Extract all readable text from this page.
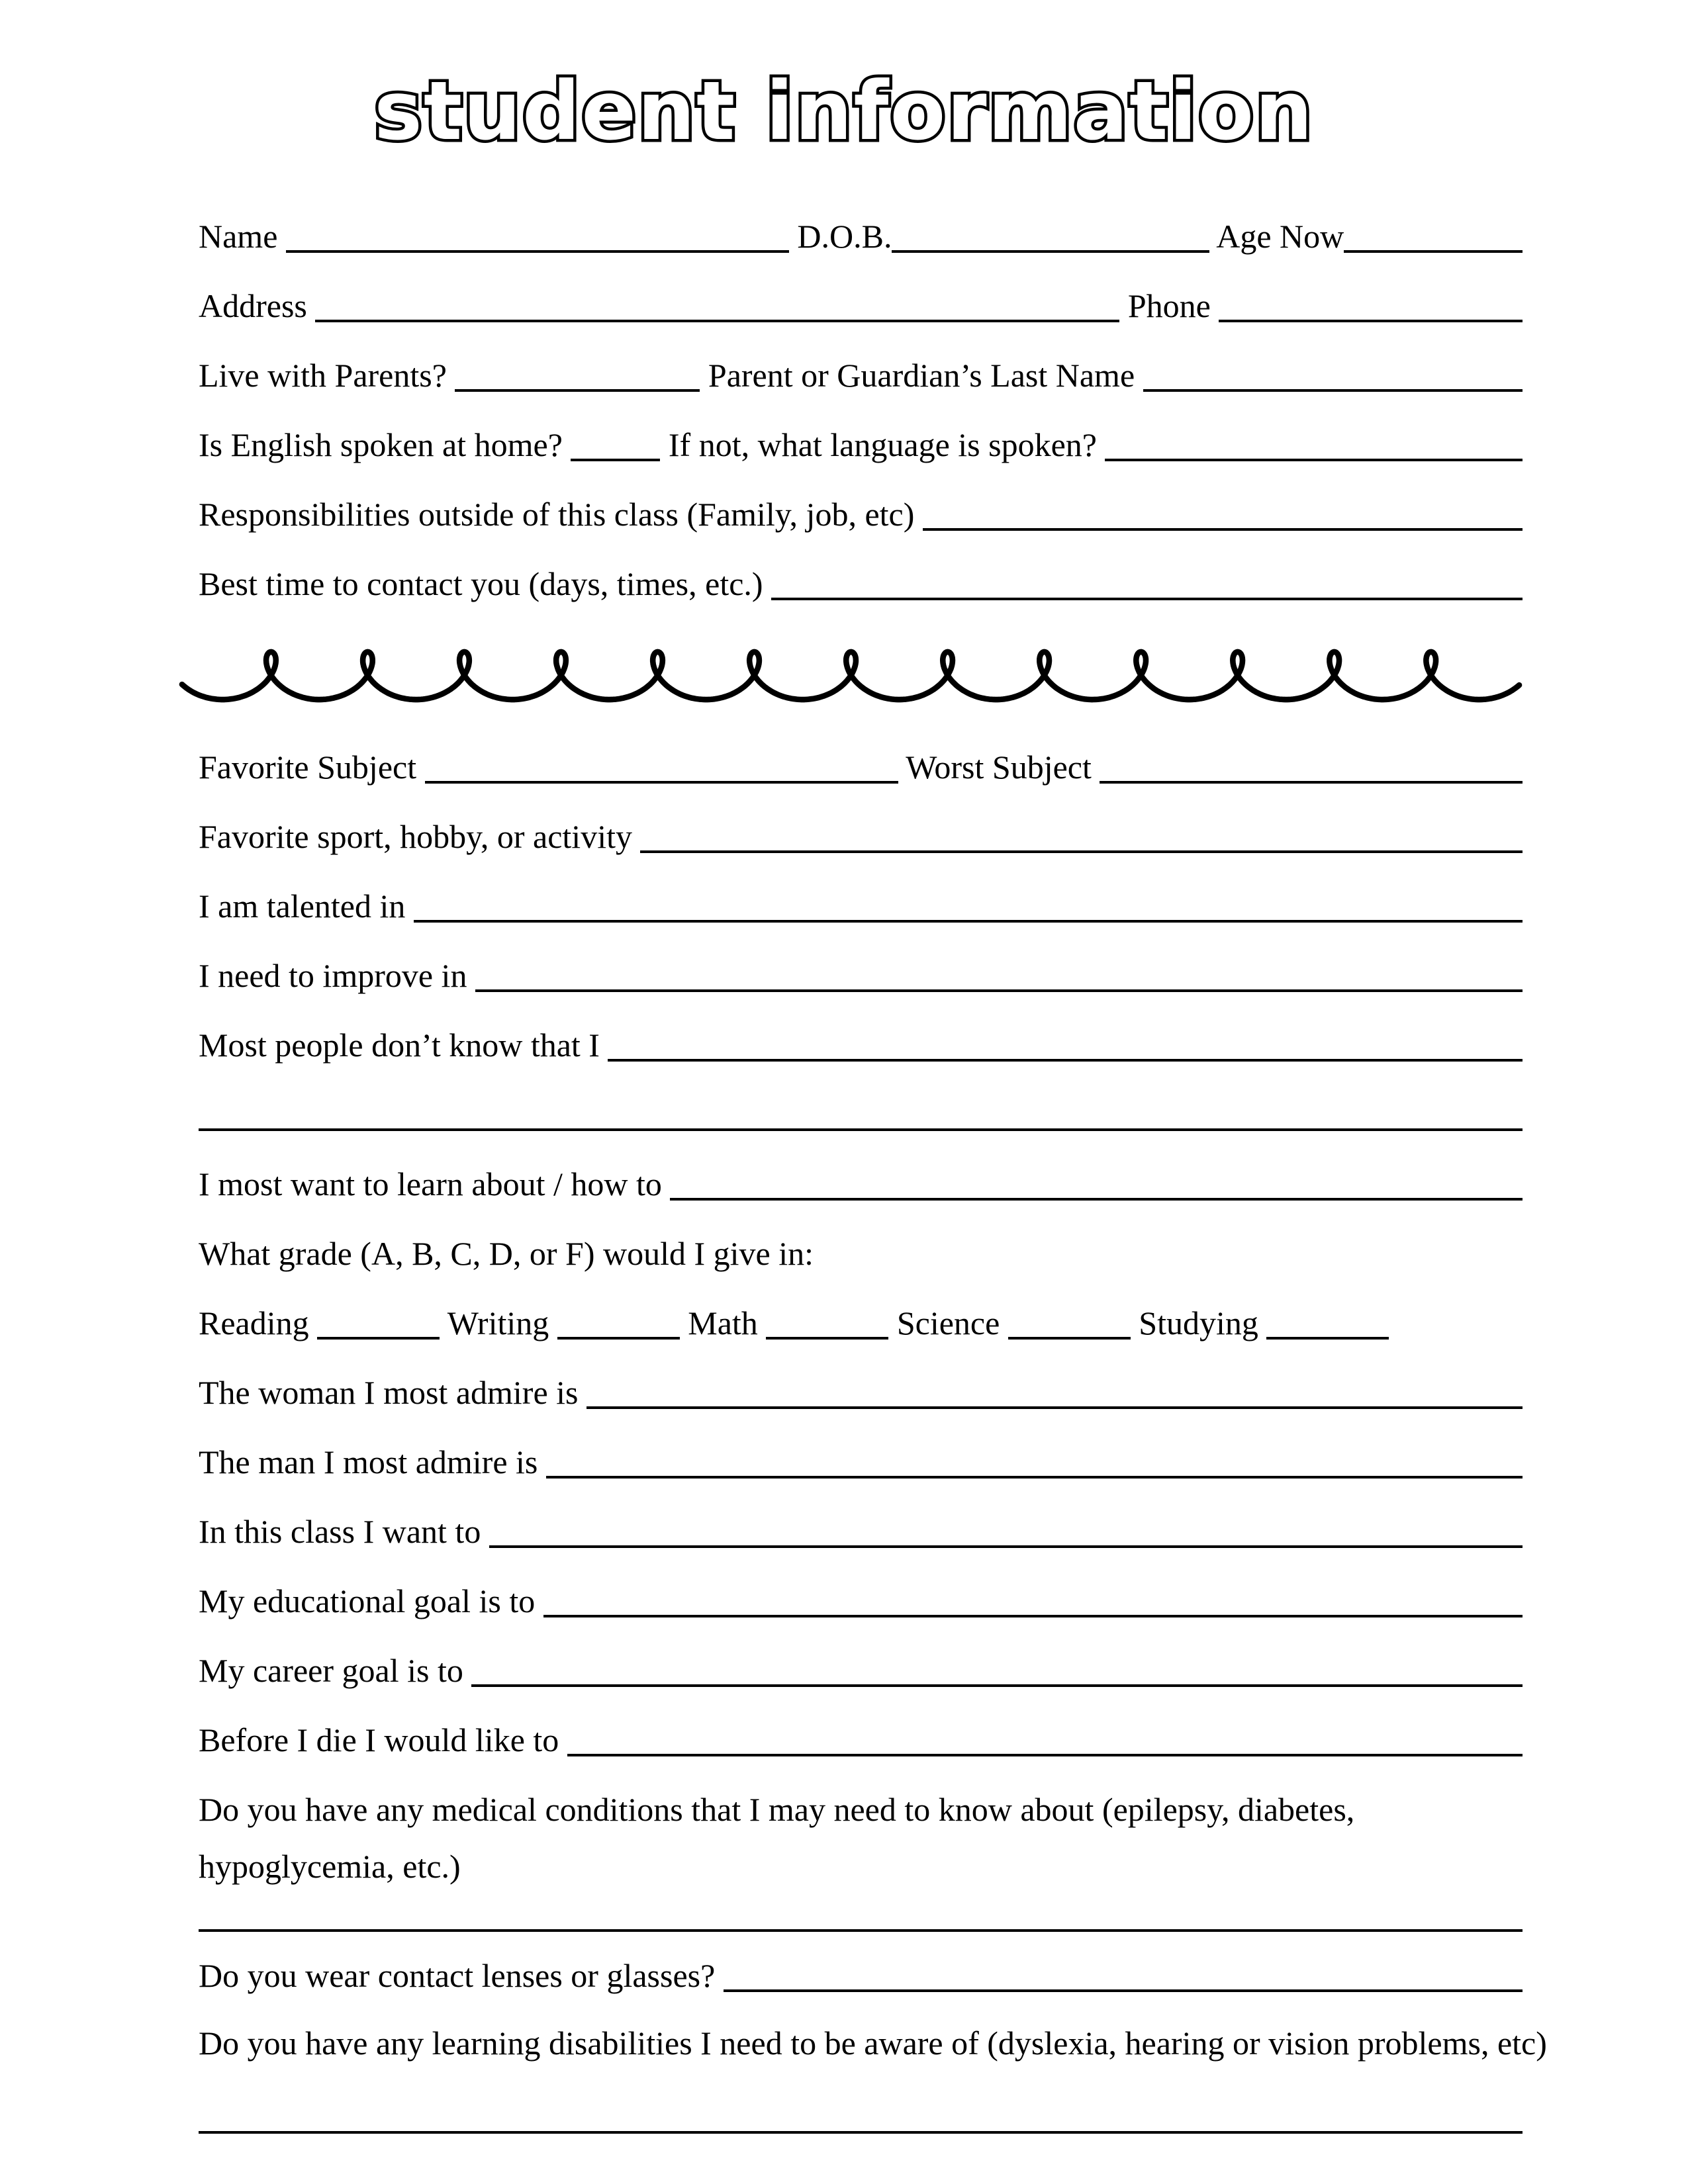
student information
Name	D.O.B.	Age Now
Address	Phone
Live with Parents?	Parent or Guardian’s Last Name
Is English spoken at home?	If not, what language is spoken?
Responsibilities outside of this class (Family, job, etc)
Best time to contact you (days, times, etc.)
Favorite Subject	Worst Subject
Favorite sport, hobby, or activity
I am talented in
I need to improve in
Most people don’t know that I
I most want to learn about / how to
What grade (A, B, C, D, or F) would I give in:
Reading	Writing	Math	Science	Studying
The woman I most admire is
The man I most admire is
In this class I want to
My educational goal is to
My career goal is to
Before I die I would like to
Do you have any medical conditions that I may need to know about (epilepsy, diabetes,
hypoglycemia, etc.)
Do you wear contact lenses or glasses?
Do you have any learning disabilities I need to be aware of (dyslexia, hearing or vision problems, etc)
